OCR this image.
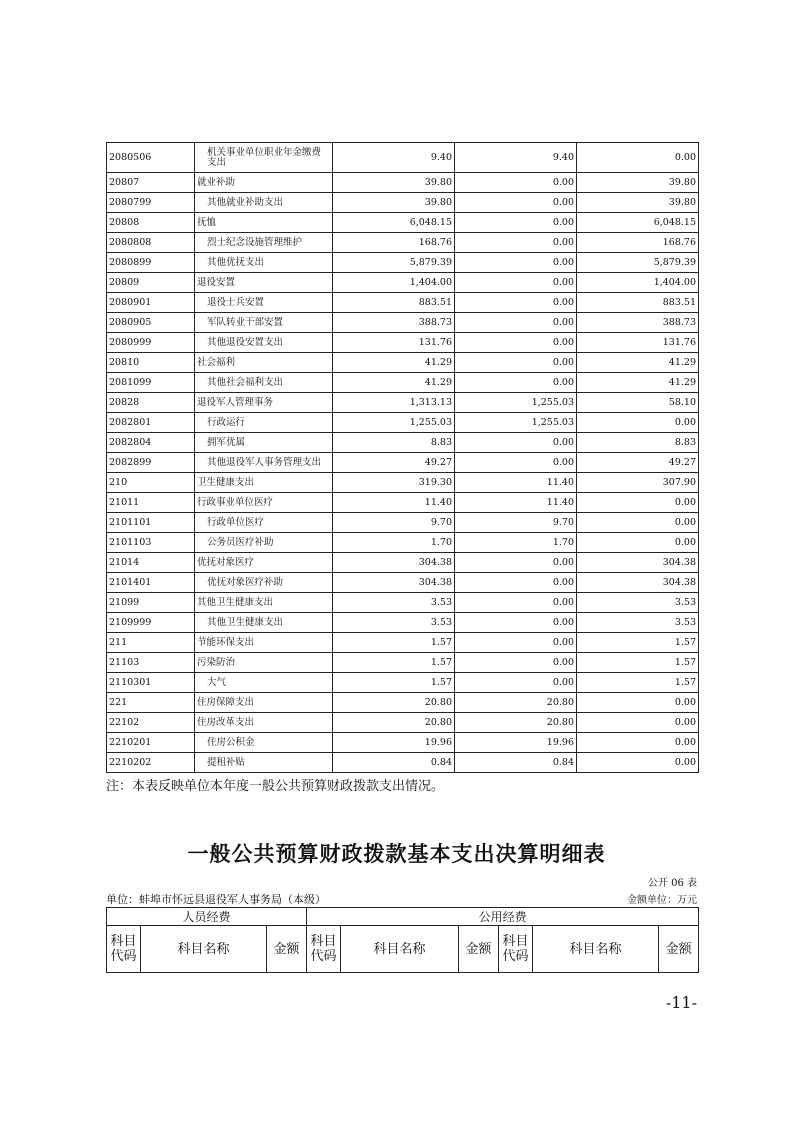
2080506	机关事业单位职业年金缴费支出	9.40	9.40	0.00
20807	就业补助	39.80	0.00	39.80
2080799	其他就业补助支出	39.80	0.00	39.80
20808	抚恤	6,048.15	0.00	6,048.15
2080808	烈士纪念设施管理维护	168.76	0.00	168.76
2080899	其他优抚支出	5,879.39	0.00	5,879.39
20809	退役安置	1,404.00	0.00	1,404.00
2080901	退役士兵安置	883.51	0.00	883.51
2080905	军队转业干部安置	388.73	0.00	388.73
2080999	其他退役安置支出	131.76	0.00	131.76
20810	社会福利	41.29	0.00	41.29
2081099	其他社会福利支出	41.29	0.00	41.29
20828	退役军人管理事务	1,313.13	1,255.03	58.10
2082801	行政运行	1,255.03	1,255.03	0.00
2082804	拥军优属	8.83	0.00	8.83
2082899	其他退役军人事务管理支出	49.27	0.00	49.27
210	卫生健康支出	319.30	11.40	307.90
21011	行政事业单位医疗	11.40	11.40	0.00
2101101	行政单位医疗	9.70	9.70	0.00
2101103	公务员医疗补助	1.70	1.70	0.00
21014	优抚对象医疗	304.38	0.00	304.38
2101401	优抚对象医疗补助	304.38	0.00	304.38
21099	其他卫生健康支出	3.53	0.00	3.53
2109999	其他卫生健康支出	3.53	0.00	3.53
211	节能环保支出	1.57	0.00	1.57
21103	污染防治	1.57	0.00	1.57
2110301	大气	1.57	0.00	1.57
221	住房保障支出	20.80	20.80	0.00
22102	住房改革支出	20.80	20.80	0.00
2210201	住房公积金	19.96	19.96	0.00
2210202	提租补贴	0.84	0.84	0.00
注：本表反映单位本年度一般公共预算财政拨款支出情况。
一般公共预算财政拨款基本支出决算明细表
公开 06 表
单位：蚌埠市怀远县退役军人事务局（本级）	金额单位：万元
人员经费			公用经费					
科目代码	科目名称	金额	科目代码	科目名称	金额	科目代码	科目名称	金额
-11-
